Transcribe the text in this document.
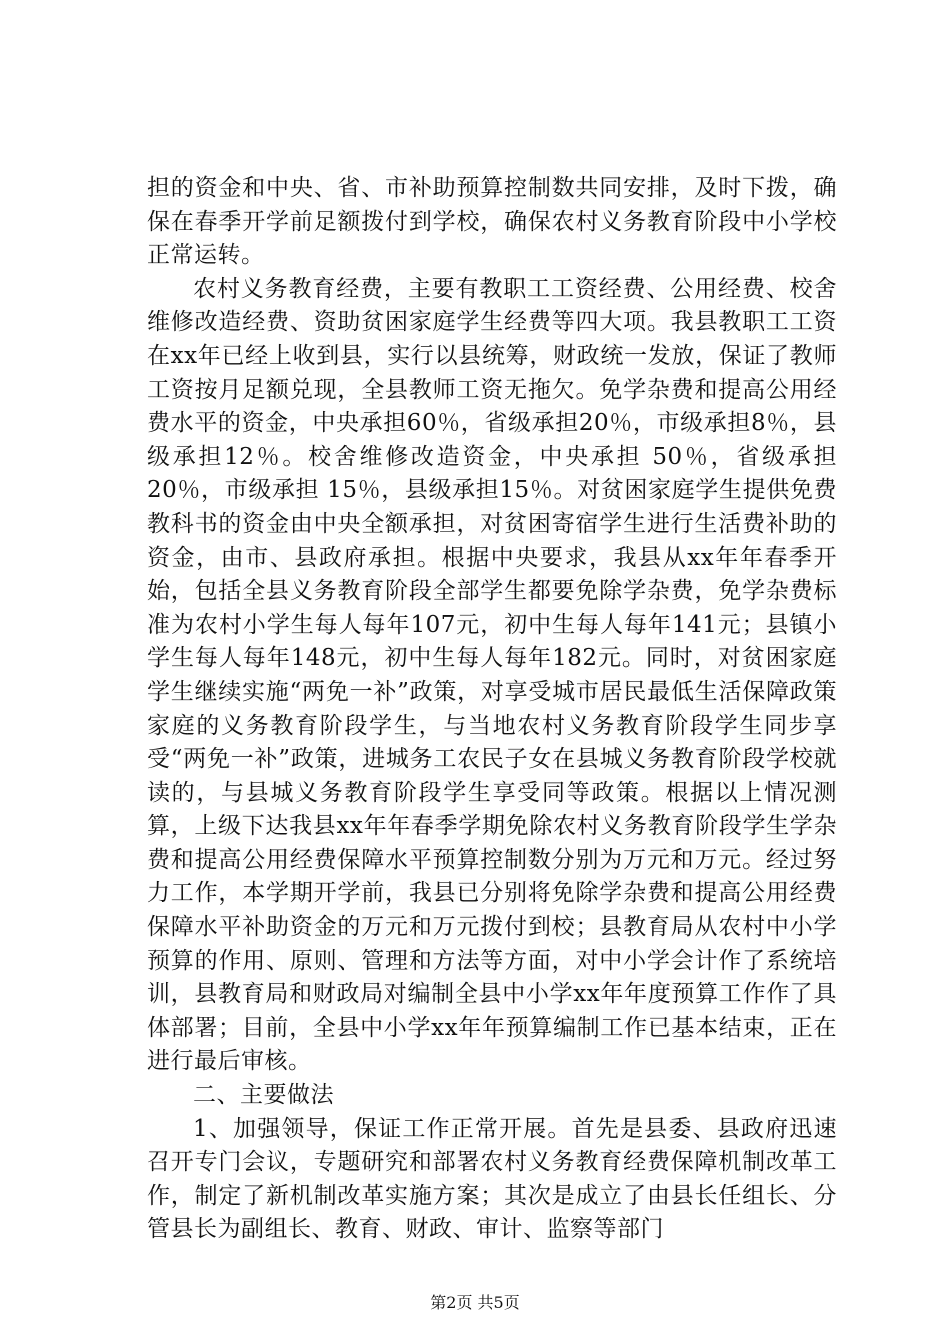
担的资金和中央、省、市补助预算控制数共同安排，及时下拨，确保在春季开学前足额拨付到学校，确保农村义务教育阶段中小学校正常运转。

农村义务教育经费，主要有教职工工资经费、公用经费、校舍维修改造经费、资助贫困家庭学生经费等四大项。我县教职工工资在xx年已经上收到县，实行以县统筹，财政统一发放，保证了教师工资按月足额兑现，全县教师工资无拖欠。免学杂费和提高公用经费水平的资金，中央承担60％，省级承担20％，市级承担8％，县级承担12％。校舍维修改造资金，中央承担 50％，省级承担 20％，市级承担 15％，县级承担15％。对贫困家庭学生提供免费教科书的资金由中央全额承担，对贫困寄宿学生进行生活费补助的资金，由市、县政府承担。根据中央要求，我县从xx年年春季开始，包括全县义务教育阶段全部学生都要免除学杂费，免学杂费标准为农村小学生每人每年107元，初中生每人每年141元；县镇小学生每人每年148元，初中生每人每年182元。同时，对贫困家庭学生继续实施“两免一补”政策，对享受城市居民最低生活保障政策家庭的义务教育阶段学生，与当地农村义务教育阶段学生同步享受“两免一补”政策，进城务工农民子女在县城义务教育阶段学校就读的，与县城义务教育阶段学生享受同等政策。根据以上情况测算，上级下达我县xx年年春季学期免除农村义务教育阶段学生学杂费和提高公用经费保障水平预算控制数分别为万元和万元。经过努力工作，本学期开学前，我县已分别将免除学杂费和提高公用经费保障水平补助资金的万元和万元拨付到校；县教育局从农村中小学预算的作用、原则、管理和方法等方面，对中小学会计作了系统培训，县教育局和财政局对编制全县中小学xx年年度预算工作作了具体部署；目前，全县中小学xx年年预算编制工作已基本结束，正在进行最后审核。

二、主要做法

1、加强领导，保证工作正常开展。首先是县委、县政府迅速召开专门会议，专题研究和部署农村义务教育经费保障机制改革工作，制定了新机制改革实施方案；其次是成立了由县长任组长、分管县长为副组长、教育、财政、审计、监察等部门

第2页 共5页
